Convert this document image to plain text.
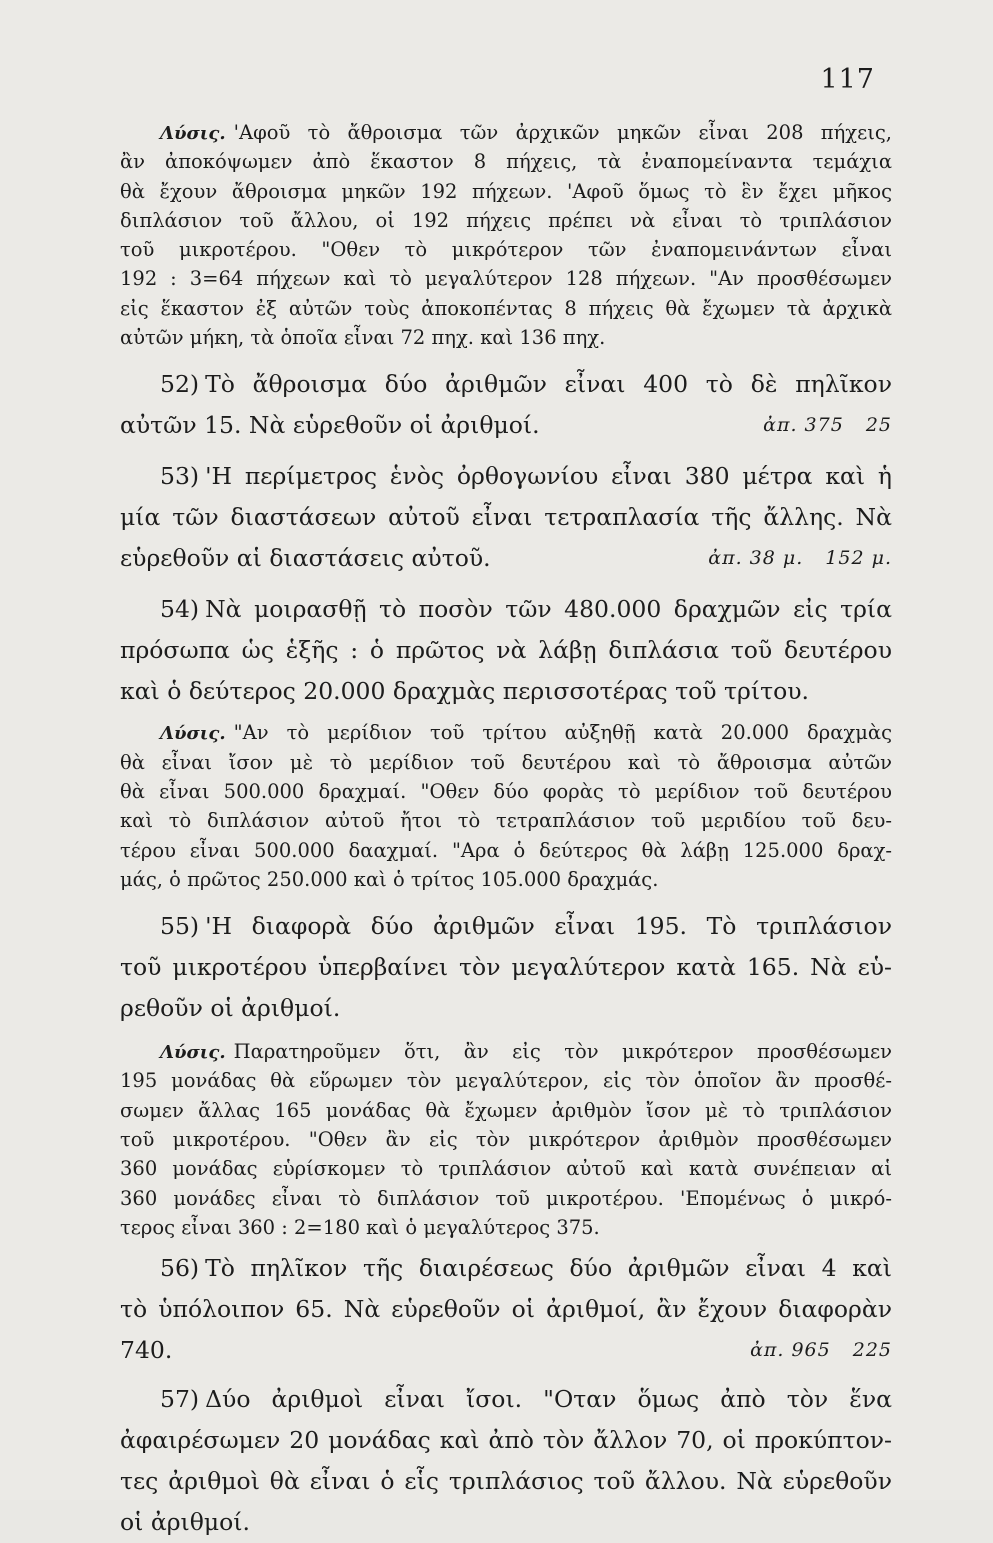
117
Λύσις. 'Αφοῦ τὸ ἄθροισμα τῶν ἀρχικῶν μηκῶν εἶναι 208 πήχεις,
ἂν ἀποκόψωμεν ἀπὸ ἕκαστον 8 πήχεις, τὰ ἐναπομείναντα τεμάχια
θὰ ἔχουν ἄθροισμα μηκῶν 192 πήχεων. 'Αφοῦ ὅμως τὸ ἓν ἔχει μῆκος
διπλάσιον τοῦ ἄλλου, οἱ 192 πήχεις πρέπει νὰ εἶναι τὸ τριπλάσιον
τοῦ μικροτέρου. "Οθεν τὸ μικρότερον τῶν ἐναπομεινάντων εἶναι
192 : 3=64 πήχεων καὶ τὸ μεγαλύτερον 128 πήχεων. "Αν προσθέσωμεν
εἰς ἕκαστον ἐξ αὐτῶν τοὺς ἀποκοπέντας 8 πήχεις θὰ ἔχωμεν τὰ ἀρχικὰ
αὐτῶν μήκη, τὰ ὁποῖα εἶναι 72 πηχ. καὶ 136 πηχ.
52) Τὸ ἄθροισμα δύο ἀριθμῶν εἶναι 400 τὸ δὲ πηλῖκον
αὐτῶν 15. Νὰ εὑρεθοῦν οἱ ἀριθμοί.	ἀπ. 375 25
53) 'Η περίμετρος ἑνὸς ὀρθογωνίου εἶναι 380 μέτρα καὶ ἡ
μία τῶν διαστάσεων αὐτοῦ εἶναι τετραπλασία τῆς ἄλλης. Νὰ
εὑρεθοῦν αἱ διαστάσεις αὐτοῦ.	ἀπ. 38 μ. 152 μ.
54) Νὰ μοιρασθῇ τὸ ποσὸν τῶν 480.000 δραχμῶν εἰς τρία
πρόσωπα ὡς ἑξῆς : ὁ πρῶτος νὰ λάβῃ διπλάσια τοῦ δευτέρου
καὶ ὁ δεύτερος 20.000 δραχμὰς περισσοτέρας τοῦ τρίτου.
Λύσις. "Αν τὸ μερίδιον τοῦ τρίτου αὐξηθῇ κατὰ 20.000 δραχμὰς
θὰ εἶναι ἴσον μὲ τὸ μερίδιον τοῦ δευτέρου καὶ τὸ ἄθροισμα αὐτῶν
θὰ εἶναι 500.000 δραχμαί. "Οθεν δύο φορὰς τὸ μερίδιον τοῦ δευτέρου
καὶ τὸ διπλάσιον αὐτοῦ ἤτοι τὸ τετραπλάσιον τοῦ μεριδίου τοῦ δευ-
τέρου εἶναι 500.000 δααχμαί. "Αρα ὁ δεύτερος θὰ λάβῃ 125.000 δραχ-
μάς, ὁ πρῶτος 250.000 καὶ ὁ τρίτος 105.000 δραχμάς.
55) 'Η διαφορὰ δύο ἀριθμῶν εἶναι 195. Τὸ τριπλάσιον
τοῦ μικροτέρου ὑπερβαίνει τὸν μεγαλύτερον κατὰ 165. Νὰ εὑ-
ρεθοῦν οἱ ἀριθμοί.
Λύσις. Παρατηροῦμεν ὅτι, ἂν εἰς τὸν μικρότερον προσθέσωμεν
195 μονάδας θὰ εὕρωμεν τὸν μεγαλύτερον, εἰς τὸν ὁποῖον ἂν προσθέ-
σωμεν ἄλλας 165 μονάδας θὰ ἔχωμεν ἀριθμὸν ἴσον μὲ τὸ τριπλάσιον
τοῦ μικροτέρου. "Οθεν ἂν εἰς τὸν μικρότερον ἀριθμὸν προσθέσωμεν
360 μονάδας εὑρίσκομεν τὸ τριπλάσιον αὐτοῦ καὶ κατὰ συνέπειαν αἱ
360 μονάδες εἶναι τὸ διπλάσιον τοῦ μικροτέρου. 'Επομένως ὁ μικρό-
τερος εἶναι 360 : 2=180 καὶ ὁ μεγαλύτερος 375.
56) Τὸ πηλῖκον τῆς διαιρέσεως δύο ἀριθμῶν εἶναι 4 καὶ
τὸ ὑπόλοιπον 65. Νὰ εὑρεθοῦν οἱ ἀριθμοί, ἂν ἔχουν διαφορὰν
740.	ἀπ. 965 225
57) Δύο ἀριθμοὶ εἶναι ἴσοι. "Οταν ὅμως ἀπὸ τὸν ἕνα
ἀφαιρέσωμεν 20 μονάδας καὶ ἀπὸ τὸν ἄλλον 70, οἱ προκύπτον-
τες ἀριθμοὶ θὰ εἶναι ὁ εἷς τριπλάσιος τοῦ ἄλλου. Νὰ εὑρεθοῦν
οἱ ἀριθμοί.
